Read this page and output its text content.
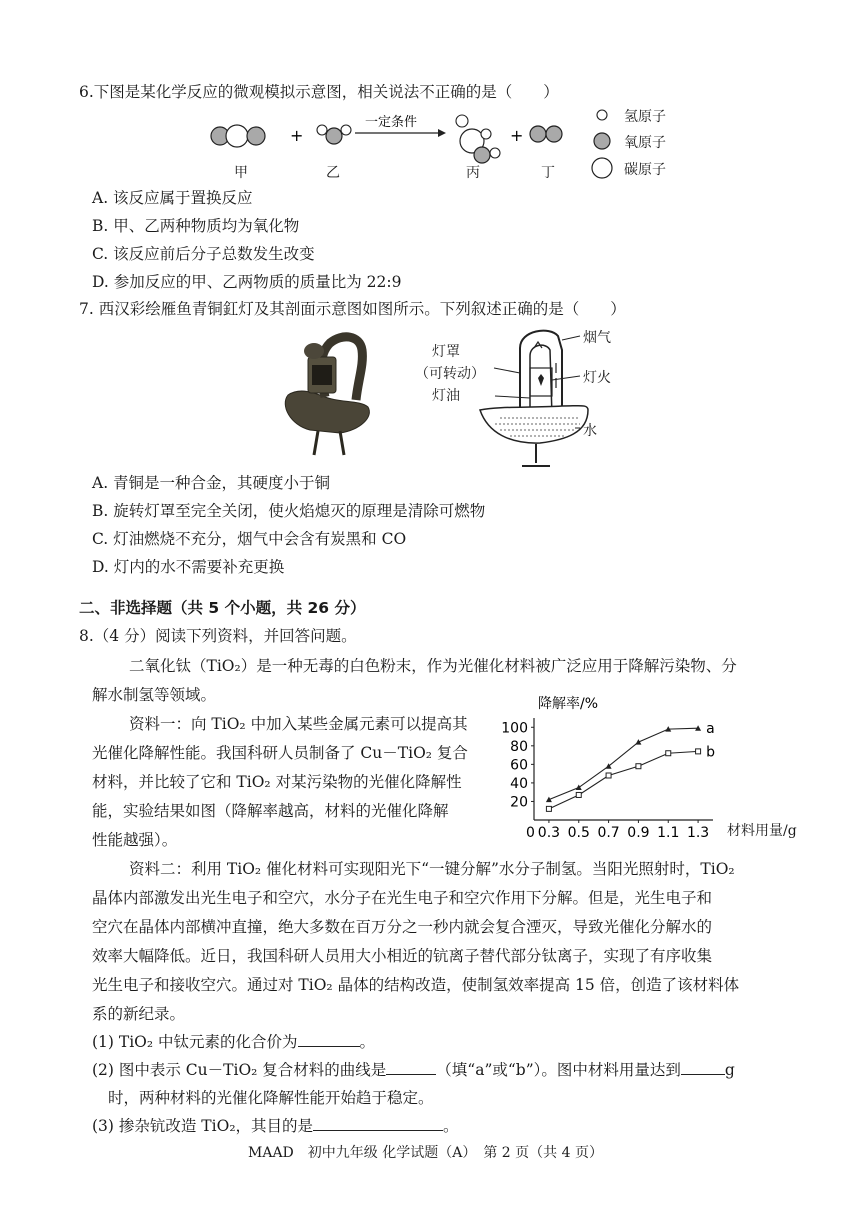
6.下图是某化学反应的微观模拟示意图，相关说法不正确的是（　　）
+
一定条件
+
氢原子
氧原子
碳原子
甲	乙	丙	丁
A. 该反应属于置换反应
B. 甲、乙两种物质均为氧化物
C. 该反应前后分子总数发生改变
D. 参加反应的甲、乙两物质的质量比为 22:9
7. 西汉彩绘雁鱼青铜釭灯及其剖面示意图如图所示。下列叙述正确的是（　　）
烟气
灯罩
（可转动）	灯火
灯油
水
A. 青铜是一种合金，其硬度小于铜
B. 旋转灯罩至完全关闭，使火焰熄灭的原理是清除可燃物
C. 灯油燃烧不充分，烟气中会含有炭黑和 CO
D. 灯内的水不需要补充更换
二、非选择题（共 5 个小题，共 26 分）
8.（4 分）阅读下列资料，并回答问题。
二氧化钛（TiO₂）是一种无毒的白色粉末，作为光催化材料被广泛应用于降解污染物、分
解水制氢等领域。
资料一：向 TiO₂ 中加入某些金属元素可以提高其
光催化降解性能。我国科研人员制备了 Cu－TiO₂ 复合
材料，并比较了它和 TiO₂ 对某污染物的光催化降解性
能，实验结果如图（降解率越高，材料的光催化降解
性能越强）。
降解率/%
20
40
60
80
100
0 0.3 0.5 0.7 0.9 1.1 1.3
a
b
材料用量/g
资料二：利用 TiO₂ 催化材料可实现阳光下“一键分解”水分子制氢。当阳光照射时，TiO₂
晶体内部激发出光生电子和空穴，水分子在光生电子和空穴作用下分解。但是，光生电子和
空穴在晶体内部横冲直撞，绝大多数在百万分之一秒内就会复合湮灭，导致光催化分解水的
效率大幅降低。近日，我国科研人员用大小相近的钪离子替代部分钛离子，实现了有序收集
光生电子和接收空穴。通过对 TiO₂ 晶体的结构改造，使制氢效率提高 15 倍，创造了该材料体
系的新纪录。
(1) TiO₂ 中钛元素的化合价为	。
(2) 图中表示 Cu－TiO₂ 复合材料的曲线是	（填“a”或“b”）。图中材料用量达到	g
时，两种材料的光催化降解性能开始趋于稳定。
(3) 掺杂钪改造 TiO₂，其目的是	。
MAAD　初中九年级 化学试题（A）　第 2 页（共 4 页）
